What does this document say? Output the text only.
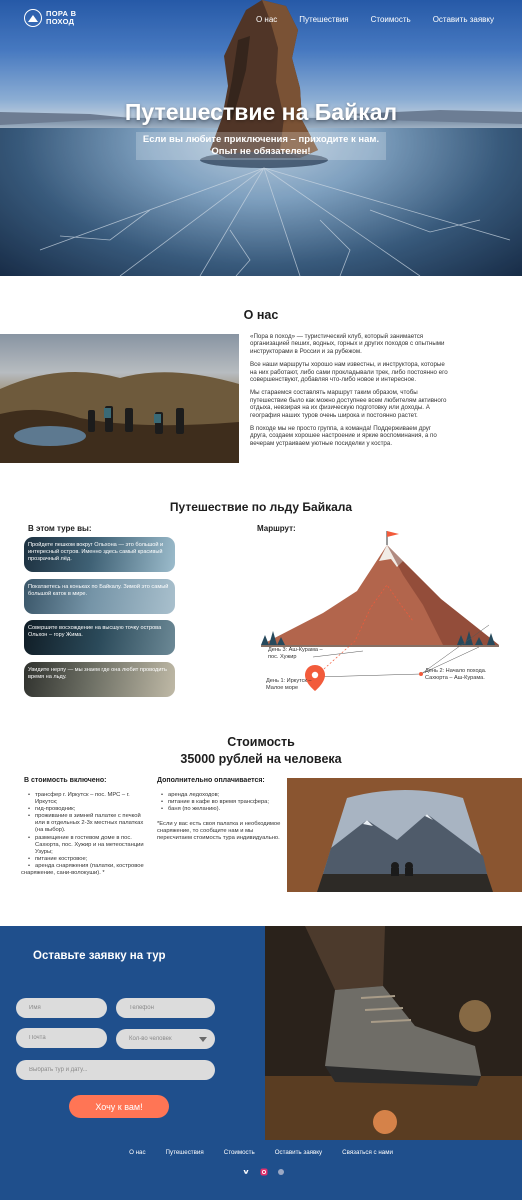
ПОРА В
ПОХОД	О нас	Путешествия	Стоимость	Оставить заявку
Путешествие на Байкал
Если вы любите приключения – приходите к нам.
Опыт не обязателен!
О нас

«Пора в поход» — туристический клуб, который занимается организацией пеших, водных, горных и других походов с опытными инструкторами в России и за рубежом.

Все наши маршруты хорошо нам известны, и инструктора, которые на них работают, либо сами прокладывали трек, либо постоянно его совершенствуют, добавляя что-либо новое и интересное.

Мы стараемся составлять маршрут таким образом, чтобы путешествие было как можно доступнее всем любителям активного отдыха, невзирая на их физическую подготовку или доходы. А география наших туров очень широка и постоянно растет.

В походе мы не просто группа, а команда! Поддерживаем друг друга, создаем хорошее настроение и яркие воспоминания, а по вечерам устраиваем уютные посиделки у костра.

Путешествие по льду Байкала
В этом туре вы:	Маршрут:
Пройдете пешком вокруг Ольхона — это большой и интересный остров. Именно здесь самый красивый прозрачный лёд.
Покатаетесь на коньках по Байкалу. Зимой это самый большой каток в мире.
Совершите восхождение на высшую точку острова Ольхон – гору Жима.
Увидите нерпу — мы знаем где она любит проводить время на льду.
День 1: Иркутск – Малое море
День 2: Начало похода. Сахюрта – Аш-Курама.
День 3: Аш-Курама – пос. Хужир
Стоимость
35000 рублей на человека
В стоимость включено:
• трансфер г. Иркутск – пос. МРС – г. Иркутск;
• гид-проводник;
• проживание в зимней палатке с печкой или в отдельных 2-3х местных палатках (на выбор).
• размещение в гостевом доме в пос. Сахюрта, пос. Хужир и на метеостанции Узуры;
• питание костровое;
• аренда снаряжения (палатки, костровое
снаряжение, сани-волокуши). *
Дополнительно оплачивается:
• аренда ледоходов;
• питание в кафе во время трансфера;
• баня (по желанию).
*Если у вас есть своя палатка и необходимое снаряжение, то сообщите нам и мы пересчитаем стоимость тура индивидуально.
Оставьте заявку на тур
Имя
Телефон
Почта
Кол-во человек
Выбрать тур и дату...
Хочу к вам!
О нас	Путешествия	Стоимость	Оставить заявку	Связаться с нами
